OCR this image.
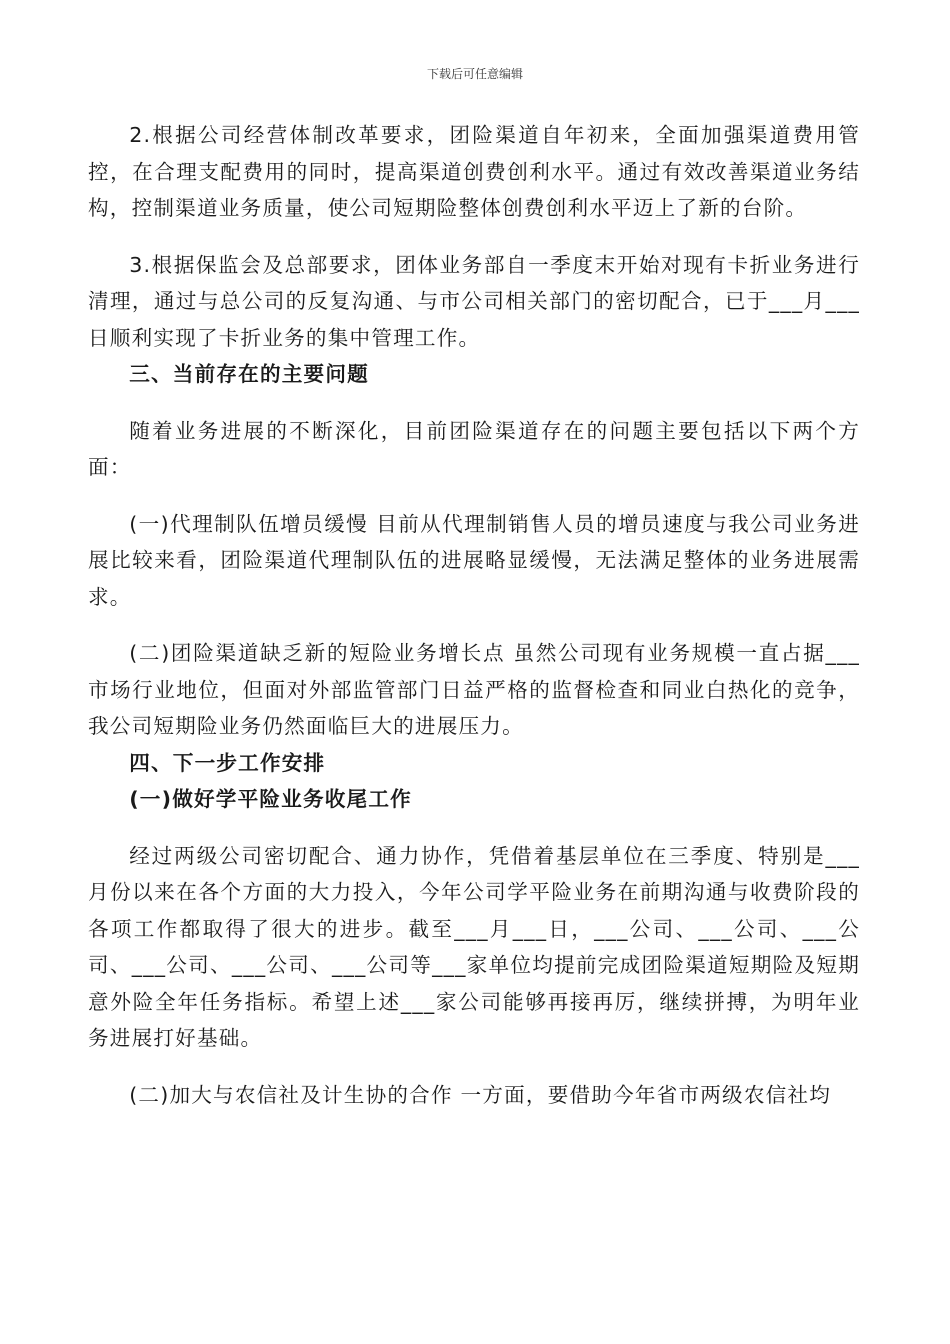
下载后可任意编辑

2.根据公司经营体制改革要求，团险渠道自年初来，全面加强渠道费用管控，在合理支配费用的同时，提高渠道创费创利水平。通过有效改善渠道业务结构，控制渠道业务质量，使公司短期险整体创费创利水平迈上了新的台阶。

3.根据保监会及总部要求，团体业务部自一季度末开始对现有卡折业务进行清理，通过与总公司的反复沟通、与市公司相关部门的密切配合，已于___月___日顺利实现了卡折业务的集中管理工作。

三、当前存在的主要问题

随着业务进展的不断深化，目前团险渠道存在的问题主要包括以下两个方面：

(一)代理制队伍增员缓慢 目前从代理制销售人员的增员速度与我公司业务进展比较来看，团险渠道代理制队伍的进展略显缓慢，无法满足整体的业务进展需求。

(二)团险渠道缺乏新的短险业务增长点 虽然公司现有业务规模一直占据___市场行业地位，但面对外部监管部门日益严格的监督检查和同业白热化的竞争，我公司短期险业务仍然面临巨大的进展压力。

四、下一步工作安排

(一)做好学平险业务收尾工作

经过两级公司密切配合、通力协作，凭借着基层单位在三季度、特别是___月份以来在各个方面的大力投入，今年公司学平险业务在前期沟通与收费阶段的各项工作都取得了很大的进步。截至___月___日，___公司、___公司、___公司、___公司、___公司、___公司等___家单位均提前完成团险渠道短期险及短期意外险全年任务指标。希望上述___家公司能够再接再厉，继续拼搏，为明年业务进展打好基础。

(二)加大与农信社及计生协的合作 一方面，要借助今年省市两级农信社均
